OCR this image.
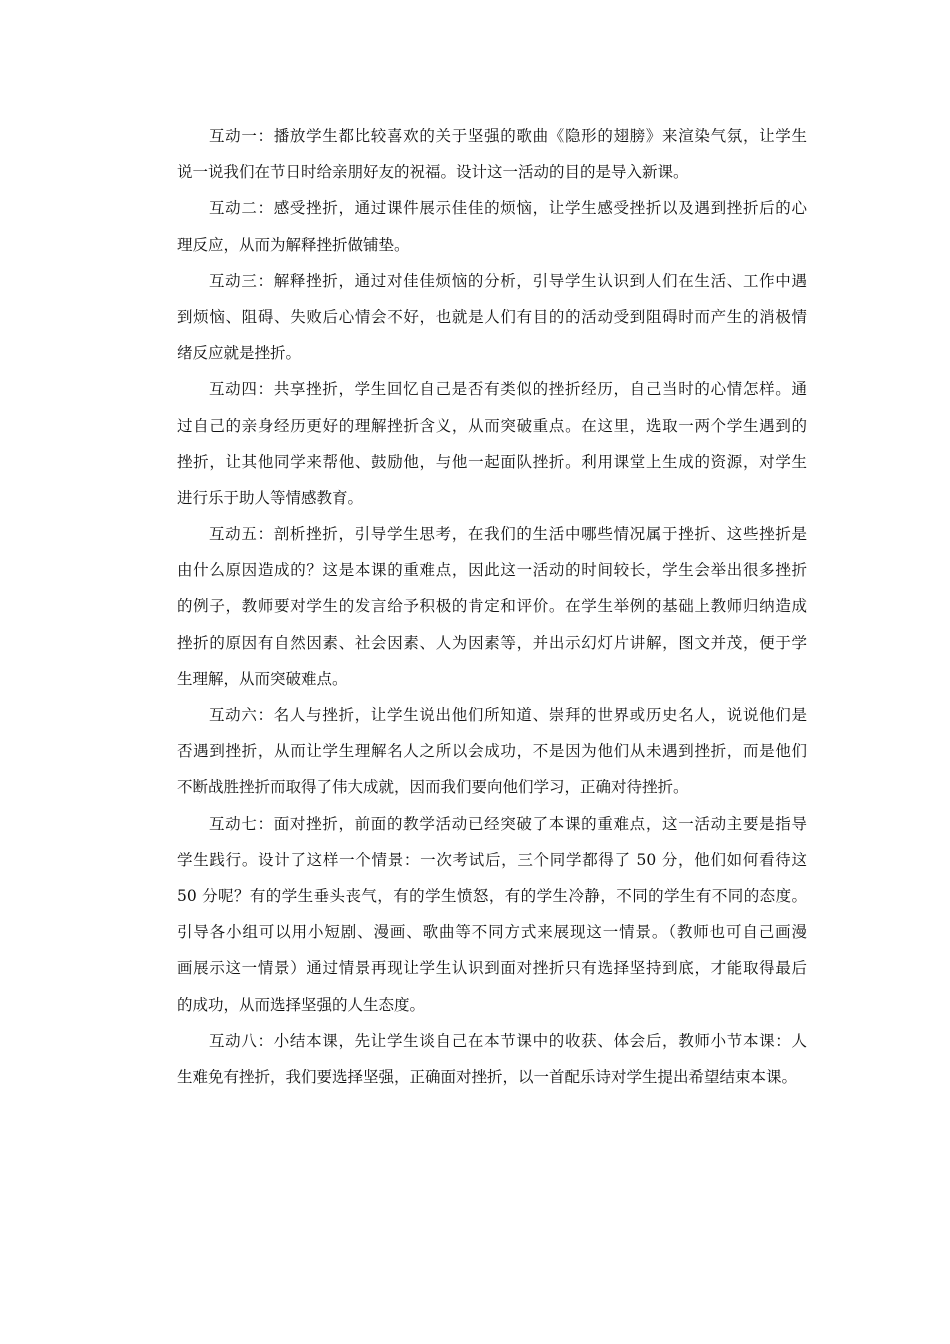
互动一：播放学生都比较喜欢的关于坚强的歌曲《隐形的翅膀》来渲染气氛，让学生
说一说我们在节日时给亲朋好友的祝福。设计这一活动的目的是导入新课。
互动二：感受挫折，通过课件展示佳佳的烦恼，让学生感受挫折以及遇到挫折后的心
理反应，从而为解释挫折做铺垫。
互动三：解释挫折，通过对佳佳烦恼的分析，引导学生认识到人们在生活、工作中遇
到烦恼、阻碍、失败后心情会不好，也就是人们有目的的活动受到阻碍时而产生的消极情
绪反应就是挫折。
互动四：共享挫折，学生回忆自己是否有类似的挫折经历，自己当时的心情怎样。通
过自己的亲身经历更好的理解挫折含义，从而突破重点。在这里，选取一两个学生遇到的
挫折，让其他同学来帮他、鼓励他，与他一起面队挫折。利用课堂上生成的资源，对学生
进行乐于助人等情感教育。
互动五：剖析挫折，引导学生思考，在我们的生活中哪些情况属于挫折、这些挫折是
由什么原因造成的？这是本课的重难点，因此这一活动的时间较长，学生会举出很多挫折
的例子，教师要对学生的发言给予积极的肯定和评价。在学生举例的基础上教师归纳造成
挫折的原因有自然因素、社会因素、人为因素等，并出示幻灯片讲解，图文并茂，便于学
生理解，从而突破难点。
互动六：名人与挫折，让学生说出他们所知道、崇拜的世界或历史名人，说说他们是
否遇到挫折，从而让学生理解名人之所以会成功，不是因为他们从未遇到挫折，而是他们
不断战胜挫折而取得了伟大成就，因而我们要向他们学习，正确对待挫折。
互动七：面对挫折，前面的教学活动已经突破了本课的重难点，这一活动主要是指导
学生践行。设计了这样一个情景：一次考试后，三个同学都得了 50 分，他们如何看待这
50 分呢？有的学生垂头丧气，有的学生愤怒，有的学生冷静，不同的学生有不同的态度。
引导各小组可以用小短剧、漫画、歌曲等不同方式来展现这一情景。（教师也可自己画漫
画展示这一情景）通过情景再现让学生认识到面对挫折只有选择坚持到底，才能取得最后
的成功，从而选择坚强的人生态度。
互动八：小结本课，先让学生谈自己在本节课中的收获、体会后，教师小节本课：人
生难免有挫折，我们要选择坚强，正确面对挫折，以一首配乐诗对学生提出希望结束本课。
